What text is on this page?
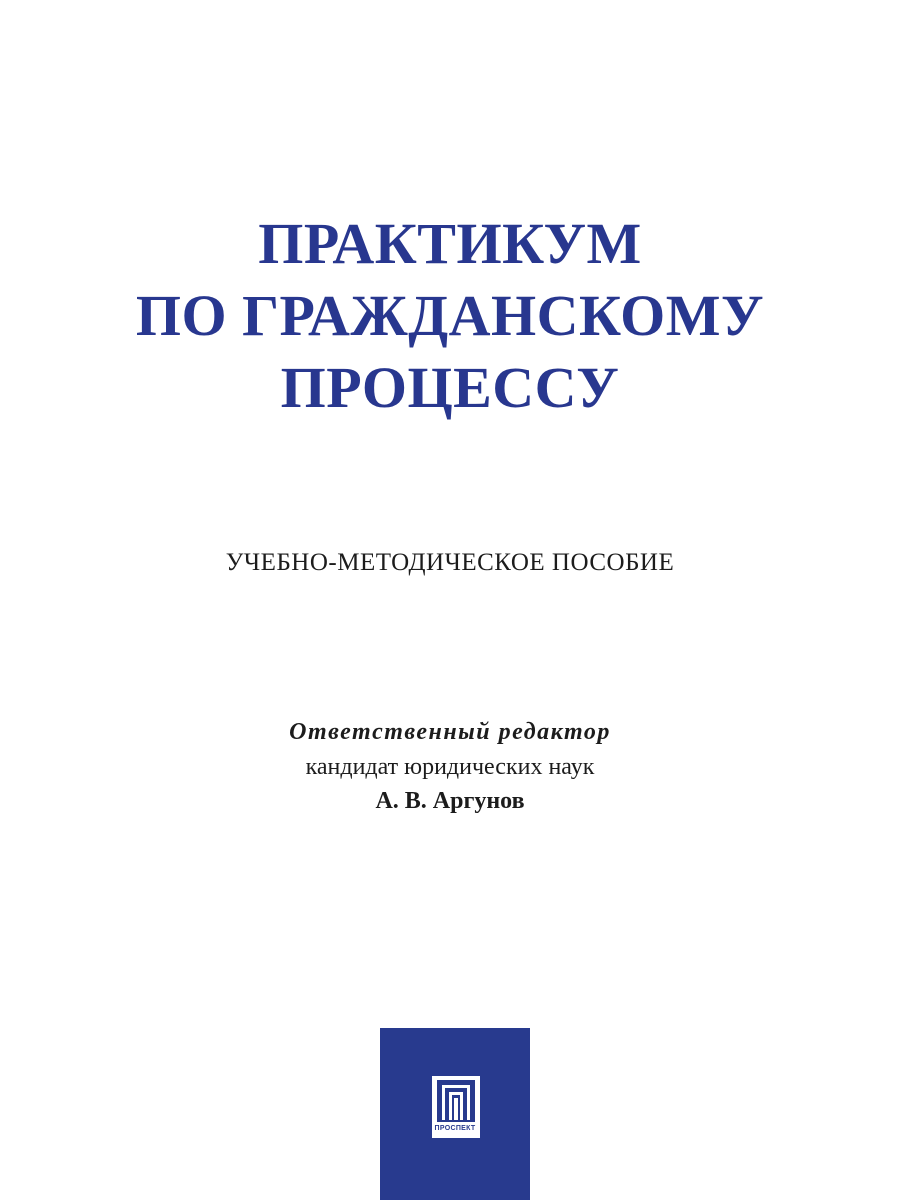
ПРАКТИКУМ
ПО ГРАЖДАНСКОМУ
ПРОЦЕССУ
УЧЕБНО-МЕТОДИЧЕСКОЕ ПОСОБИЕ
Ответственный редактор
кандидат юридических наук
А. В. Аргунов
ПРОСПЕКТ
